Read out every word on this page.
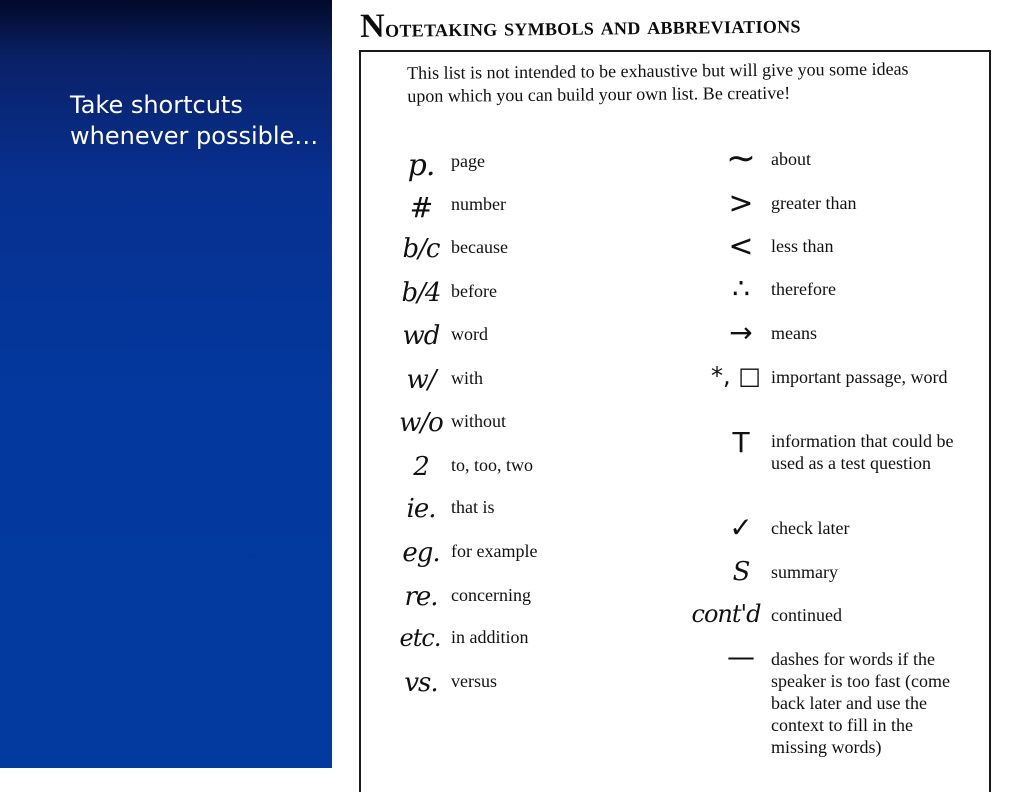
Take shortcuts whenever possible…
Notetaking symbols and abbreviations
This list is not intended to be exhaustive but will give you some ideas upon which you can build your own list. Be creative!
p. page
#	number
b/c because
b/4 before
wd word
w/ with
w/o without
2	to, too, two
ie. that is
eg. for example
re. concerning
etc. in addition
vs. versus
∼ about
> greater than
< less than
∴	therefore
→	means
*, □ important passage, word
T	information that could be used as a test question
✓	check later
S	summary
cont'd continued
— dashes for words if the speaker is too fast (come back later and use the context to fill in the missing words)
